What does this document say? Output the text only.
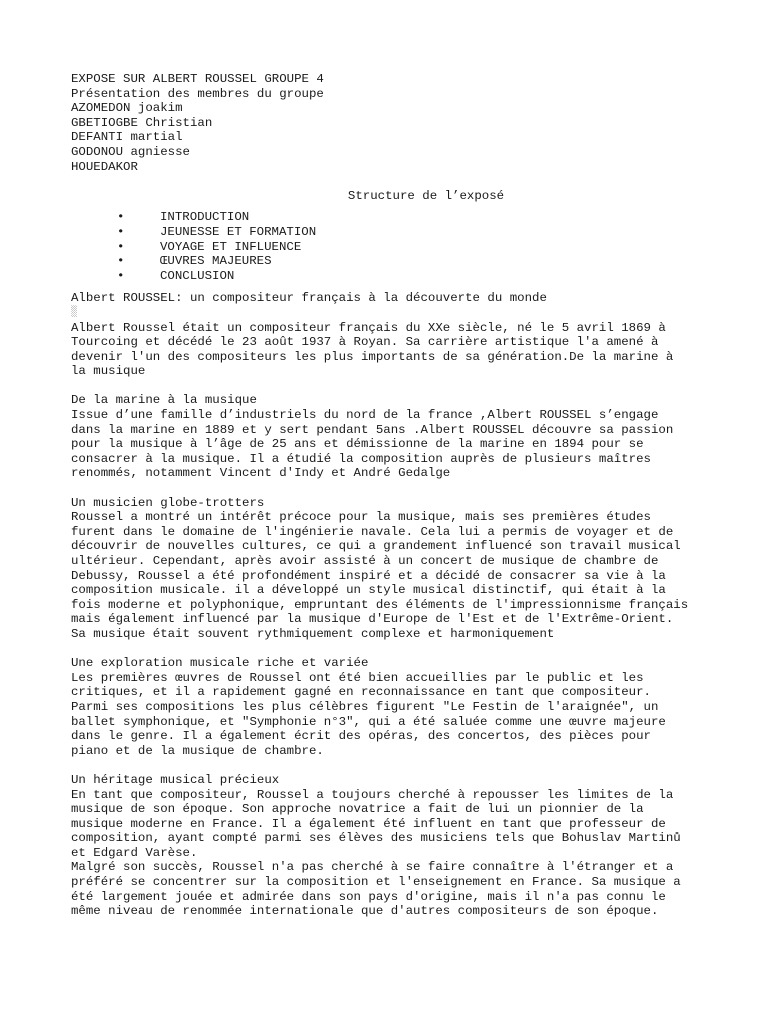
EXPOSE SUR ALBERT ROUSSEL GROUPE 4
Présentation des membres du groupe
AZOMEDON joakim
GBETIOGBE Christian
DEFANTI martial
GODONOU agniesse
HOUEDAKOR
Structure de l’exposé
•	INTRODUCTION
•	JEUNESSE ET FORMATION
•	VOYAGE ET INFLUENCE
•	ŒUVRES MAJEURES
•	CONCLUSION
Albert ROUSSEL: un compositeur français à la découverte du monde
░
Albert Roussel était un compositeur français du XXe siècle, né le 5 avril 1869 à
Tourcoing et décédé le 23 août 1937 à Royan. Sa carrière artistique l'a amené à
devenir l'un des compositeurs les plus importants de sa génération.De la marine à
la musique
De la marine à la musique
Issue d’une famille d’industriels du nord de la france ,Albert ROUSSEL s’engage
dans la marine en 1889 et y sert pendant 5ans .Albert ROUSSEL découvre sa passion
pour la musique à l’âge de 25 ans et démissionne de la marine en 1894 pour se
consacrer à la musique. Il a étudié la composition auprès de plusieurs maîtres
renommés, notamment Vincent d'Indy et André Gedalge
Un musicien globe-trotters
Roussel a montré un intérêt précoce pour la musique, mais ses premières études
furent dans le domaine de l'ingénierie navale. Cela lui a permis de voyager et de
découvrir de nouvelles cultures, ce qui a grandement influencé son travail musical
ultérieur. Cependant, après avoir assisté à un concert de musique de chambre de
Debussy, Roussel a été profondément inspiré et a décidé de consacrer sa vie à la
composition musicale. il a développé un style musical distinctif, qui était à la
fois moderne et polyphonique, empruntant des éléments de l'impressionnisme français
mais également influencé par la musique d'Europe de l'Est et de l'Extrême-Orient.
Sa musique était souvent rythmiquement complexe et harmoniquement
Une exploration musicale riche et variée
Les premières œuvres de Roussel ont été bien accueillies par le public et les
critiques, et il a rapidement gagné en reconnaissance en tant que compositeur.
Parmi ses compositions les plus célèbres figurent "Le Festin de l'araignée", un
ballet symphonique, et "Symphonie n°3", qui a été saluée comme une œuvre majeure
dans le genre. Il a également écrit des opéras, des concertos, des pièces pour
piano et de la musique de chambre.
Un héritage musical précieux
En tant que compositeur, Roussel a toujours cherché à repousser les limites de la
musique de son époque. Son approche novatrice a fait de lui un pionnier de la
musique moderne en France. Il a également été influent en tant que professeur de
composition, ayant compté parmi ses élèves des musiciens tels que Bohuslav Martinů
et Edgard Varèse.
Malgré son succès, Roussel n'a pas cherché à se faire connaître à l'étranger et a
préféré se concentrer sur la composition et l'enseignement en France. Sa musique a
été largement jouée et admirée dans son pays d'origine, mais il n'a pas connu le
même niveau de renommée internationale que d'autres compositeurs de son époque.
